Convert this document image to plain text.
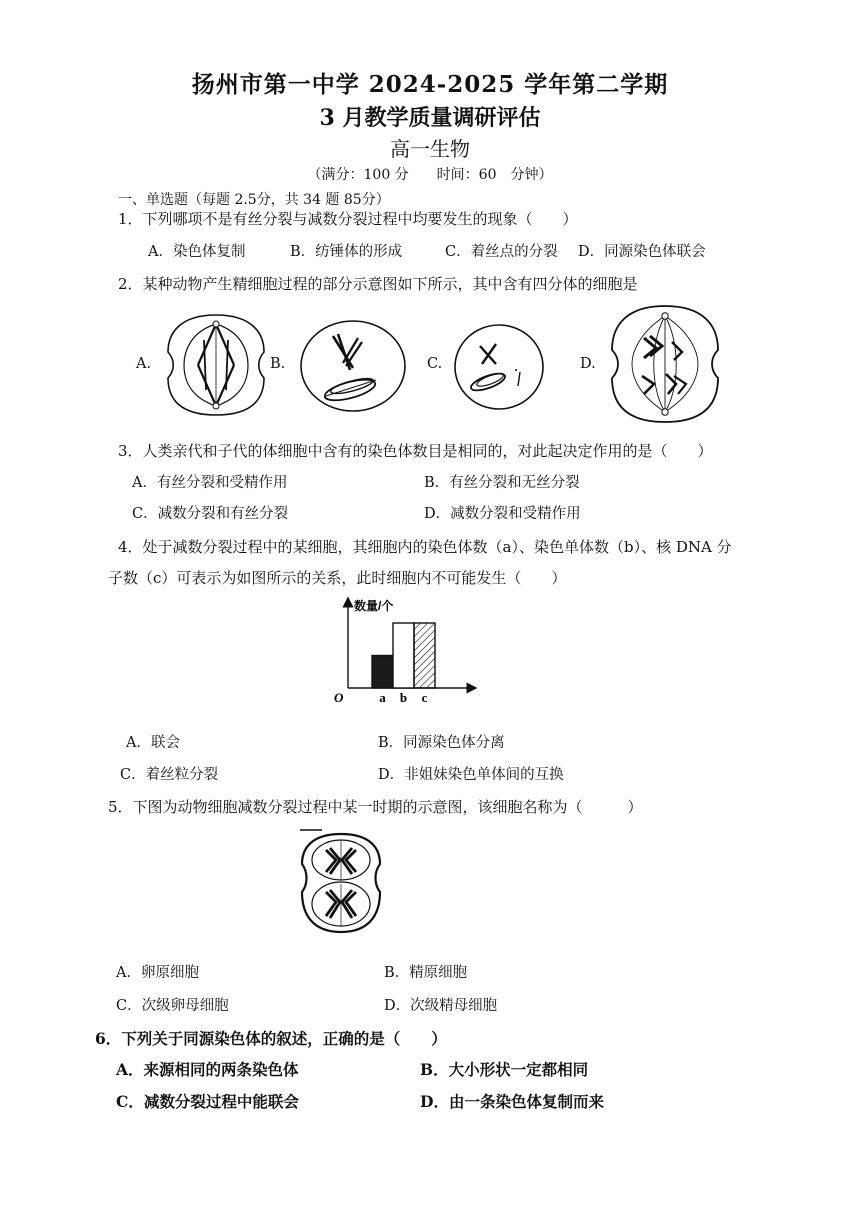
扬州市第一中学 2024-2025 学年第二学期
3 月教学质量调研评估
高一生物
（满分：100 分　　时间：60　分钟）
一、单选题（每题 2.5分，共 34 题 85分）
1．下列哪项不是有丝分裂与减数分裂过程中均要发生的现象（　　）
A．染色体复制	B．纺锤体的形成	C．着丝点的分裂 D．同源染色体联会
2．某种动物产生精细胞过程的部分示意图如下所示，其中含有四分体的细胞是
A.	B.	C.	D.
3．人类亲代和子代的体细胞中含有的染色体数目是相同的，对此起决定作用的是（　　）
A．有丝分裂和受精作用	B．有丝分裂和无丝分裂
C．减数分裂和有丝分裂	D．减数分裂和受精作用
4．处于减数分裂过程中的某细胞，其细胞内的染色体数（a）、染色单体数（b）、核 DNA 分
子数（c）可表示为如图所示的关系，此时细胞内不可能发生（　　）
数量/个
O	a b c
A．联会	B．同源染色体分离
C．着丝粒分裂	D．非姐妹染色单体间的互换
5．下图为动物细胞减数分裂过程中某一时期的示意图，该细胞名称为（　　　）
A．卵原细胞	B．精原细胞
C．次级卵母细胞	D．次级精母细胞
6．下列关于同源染色体的叙述，正确的是（　　）
A．来源相同的两条染色体	B．大小形状一定都相同
C．减数分裂过程中能联会	D．由一条染色体复制而来
